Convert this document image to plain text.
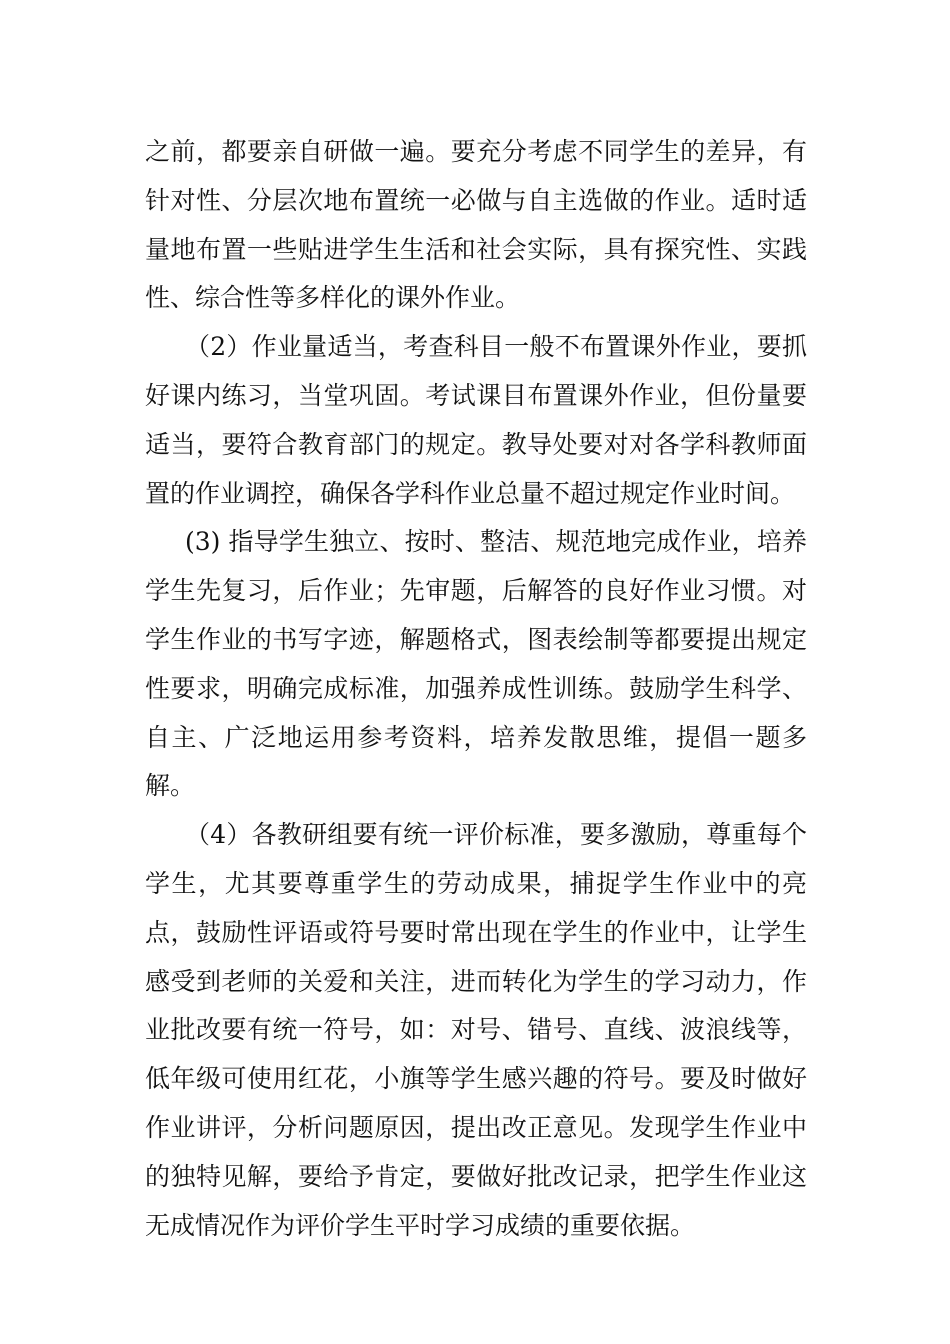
之前，都要亲自研做一遍。要充分考虑不同学生的差异，有针对性、分层次地布置统一必做与自主选做的作业。适时适量地布置一些贴进学生生活和社会实际，具有探究性、实践性、综合性等多样化的课外作业。

（2）作业量适当，考查科目一般不布置课外作业，要抓好课内练习，当堂巩固。考试课目布置课外作业，但份量要适当，要符合教育部门的规定。教导处要对对各学科教师面置的作业调控，确保各学科作业总量不超过规定作业时间。

(3) 指导学生独立、按时、整洁、规范地完成作业，培养学生先复习，后作业；先审题，后解答的良好作业习惯。对学生作业的书写字迹，解题格式，图表绘制等都要提出规定性要求，明确完成标准，加强养成性训练。鼓励学生科学、自主、广泛地运用参考资料，培养发散思维，提倡一题多解。

（4）各教研组要有统一评价标准，要多激励，尊重每个学生，尤其要尊重学生的劳动成果，捕捉学生作业中的亮点，鼓励性评语或符号要时常出现在学生的作业中，让学生感受到老师的关爱和关注，进而转化为学生的学习动力，作业批改要有统一符号，如：对号、错号、直线、波浪线等，低年级可使用红花，小旗等学生感兴趣的符号。要及时做好作业讲评，分析问题原因，提出改正意见。发现学生作业中的独特见解，要给予肯定，要做好批改记录，把学生作业这无成情况作为评价学生平时学习成绩的重要依据。
